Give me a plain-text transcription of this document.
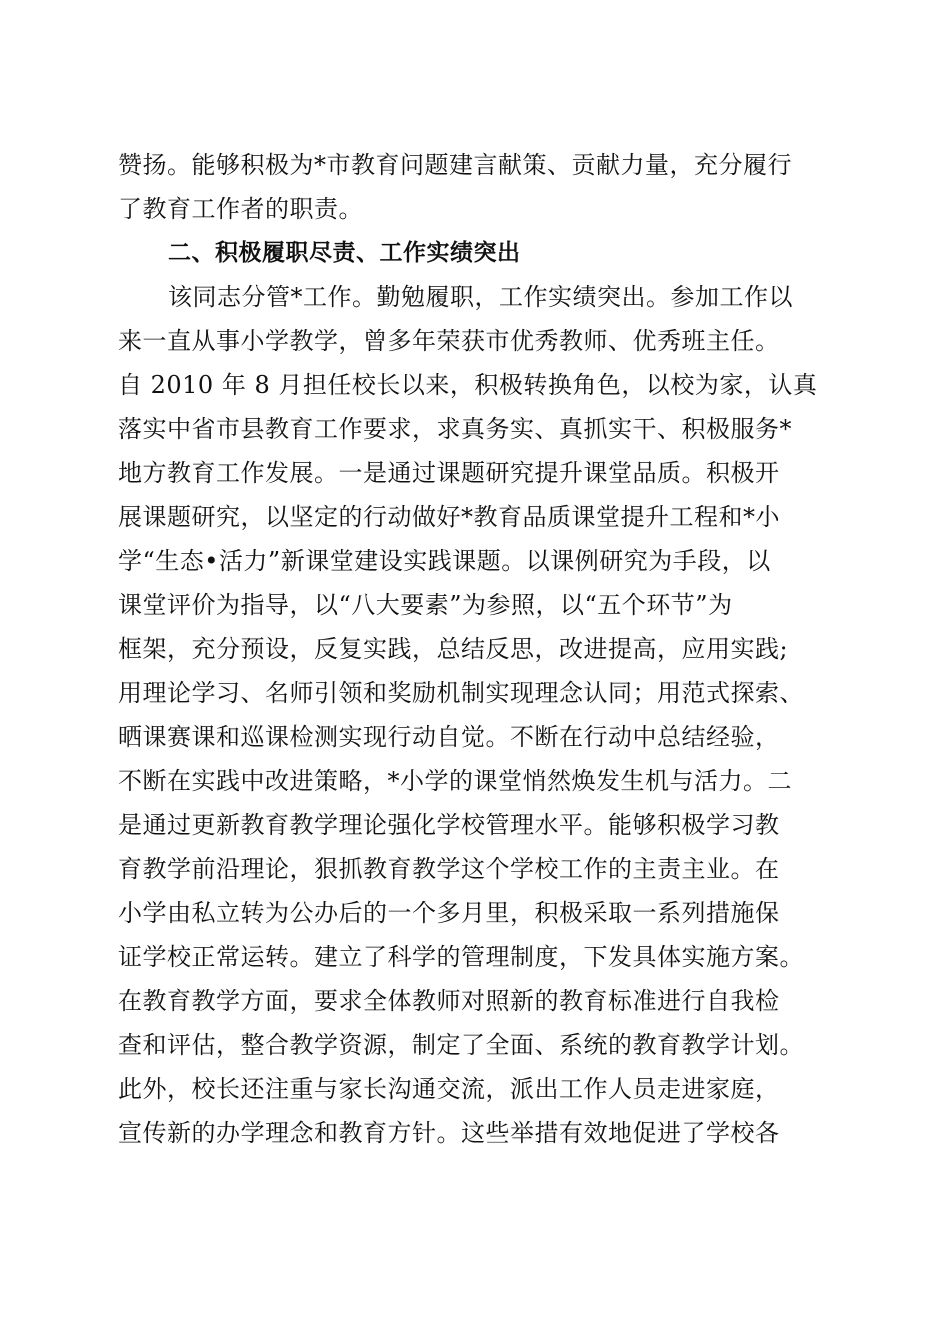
赞扬。能够积极为*市教育问题建言献策、贡献力量，充分履行
了教育工作者的职责。
二、积极履职尽责、工作实绩突出
该同志分管*工作。勤勉履职，工作实绩突出。参加工作以
来一直从事小学教学，曾多年荣获市优秀教师、优秀班主任。
自 2010 年 8 月担任校长以来，积极转换角色，以校为家，认真
落实中省市县教育工作要求，求真务实、真抓实干、积极服务*
地方教育工作发展。一是通过课题研究提升课堂品质。积极开
展课题研究，以坚定的行动做好*教育品质课堂提升工程和*小
学“生态•活力”新课堂建设实践课题。以课例研究为手段，以
课堂评价为指导，以“八大要素”为参照，以“五个环节”为
框架，充分预设，反复实践，总结反思，改进提高，应用实践;
用理论学习、名师引领和奖励机制实现理念认同；用范式探索、
晒课赛课和巡课检测实现行动自觉。不断在行动中总结经验，
不断在实践中改进策略，*小学的课堂悄然焕发生机与活力。二
是通过更新教育教学理论强化学校管理水平。能够积极学习教
育教学前沿理论，狠抓教育教学这个学校工作的主责主业。在
小学由私立转为公办后的一个多月里，积极采取一系列措施保
证学校正常运转。建立了科学的管理制度，下发具体实施方案。
在教育教学方面，要求全体教师对照新的教育标准进行自我检
查和评估，整合教学资源，制定了全面、系统的教育教学计划。
此外，校长还注重与家长沟通交流，派出工作人员走进家庭，
宣传新的办学理念和教育方针。这些举措有效地促进了学校各
